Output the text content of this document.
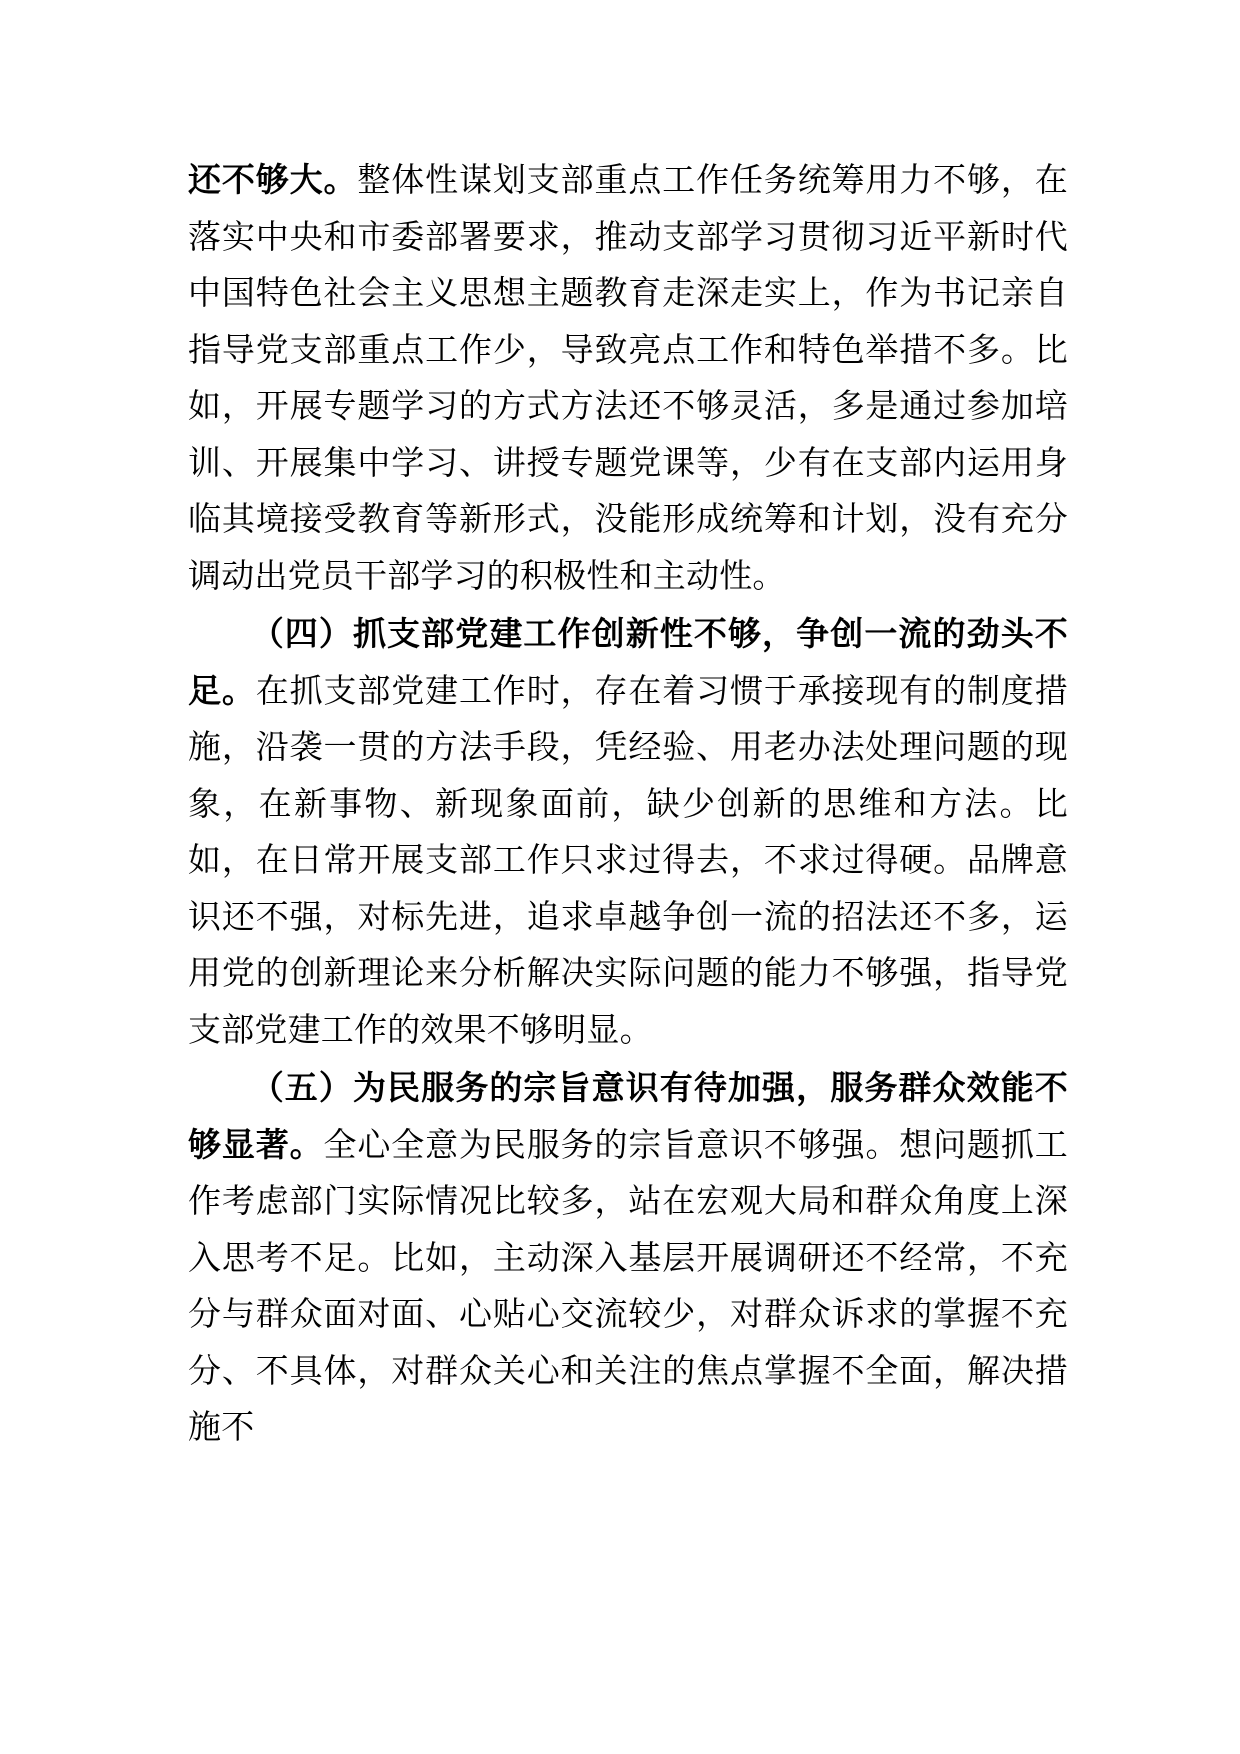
还不够大。整体性谋划支部重点工作任务统筹用力不够，在落实中央和市委部署要求，推动支部学习贯彻习近平新时代中国特色社会主义思想主题教育走深走实上，作为书记亲自指导党支部重点工作少，导致亮点工作和特色举措不多。比如，开展专题学习的方式方法还不够灵活，多是通过参加培训、开展集中学习、讲授专题党课等，少有在支部内运用身临其境接受教育等新形式，没能形成统筹和计划，没有充分调动出党员干部学习的积极性和主动性。

（四）抓支部党建工作创新性不够，争创一流的劲头不足。在抓支部党建工作时，存在着习惯于承接现有的制度措施，沿袭一贯的方法手段，凭经验、用老办法处理问题的现象，在新事物、新现象面前，缺少创新的思维和方法。比如，在日常开展支部工作只求过得去，不求过得硬。品牌意识还不强，对标先进，追求卓越争创一流的招法还不多，运用党的创新理论来分析解决实际问题的能力不够强，指导党支部党建工作的效果不够明显。

（五）为民服务的宗旨意识有待加强，服务群众效能不够显著。全心全意为民服务的宗旨意识不够强。想问题抓工作考虑部门实际情况比较多，站在宏观大局和群众角度上深入思考不足。比如，主动深入基层开展调研还不经常，不充分与群众面对面、心贴心交流较少，对群众诉求的掌握不充分、不具体，对群众关心和关注的焦点掌握不全面，解决措施不
